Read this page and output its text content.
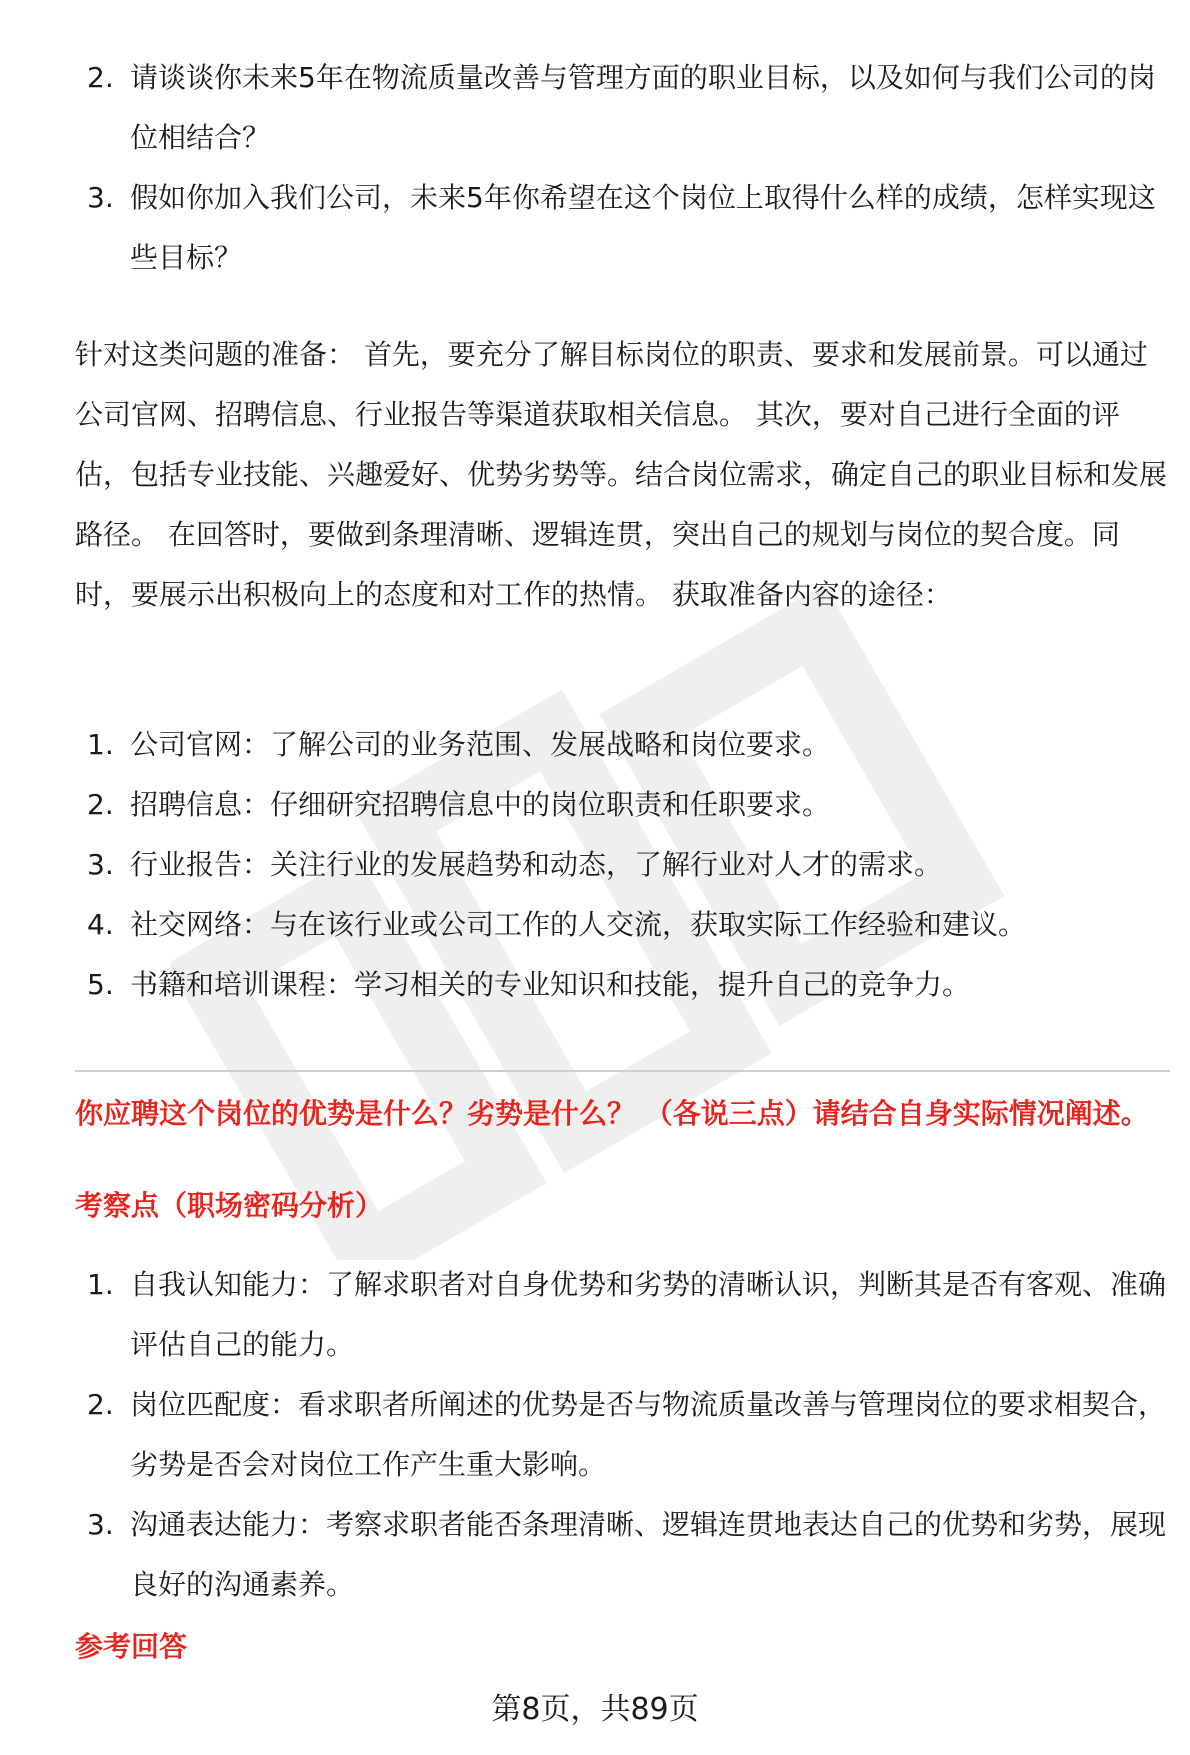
2. 请谈谈你未来5年在物流质量改善与管理方面的职业目标，以及如何与我们公司的岗位相结合？
3. 假如你加入我们公司，未来5年你希望在这个岗位上取得什么样的成绩，怎样实现这些目标？

针对这类问题的准备： 首先，要充分了解目标岗位的职责、要求和发展前景。可以通过公司官网、招聘信息、行业报告等渠道获取相关信息。 其次，要对自己进行全面的评估，包括专业技能、兴趣爱好、优势劣势等。结合岗位需求，确定自己的职业目标和发展路径。 在回答时，要做到条理清晰、逻辑连贯，突出自己的规划与岗位的契合度。同时，要展示出积极向上的态度和对工作的热情。 获取准备内容的途径：

1. 公司官网：了解公司的业务范围、发展战略和岗位要求。
2. 招聘信息：仔细研究招聘信息中的岗位职责和任职要求。
3. 行业报告：关注行业的发展趋势和动态，了解行业对人才的需求。
4. 社交网络：与在该行业或公司工作的人交流，获取实际工作经验和建议。
5. 书籍和培训课程：学习相关的专业知识和技能，提升自己的竞争力。

你应聘这个岗位的优势是什么？劣势是什么？ （各说三点）请结合自身实际情况阐述。

考察点（职场密码分析）

1. 自我认知能力：了解求职者对自身优势和劣势的清晰认识，判断其是否有客观、准确评估自己的能力。
2. 岗位匹配度：看求职者所阐述的优势是否与物流质量改善与管理岗位的要求相契合，劣势是否会对岗位工作产生重大影响。
3. 沟通表达能力：考察求职者能否条理清晰、逻辑连贯地表达自己的优势和劣势，展现良好的沟通素养。

参考回答

第8页，共89页
